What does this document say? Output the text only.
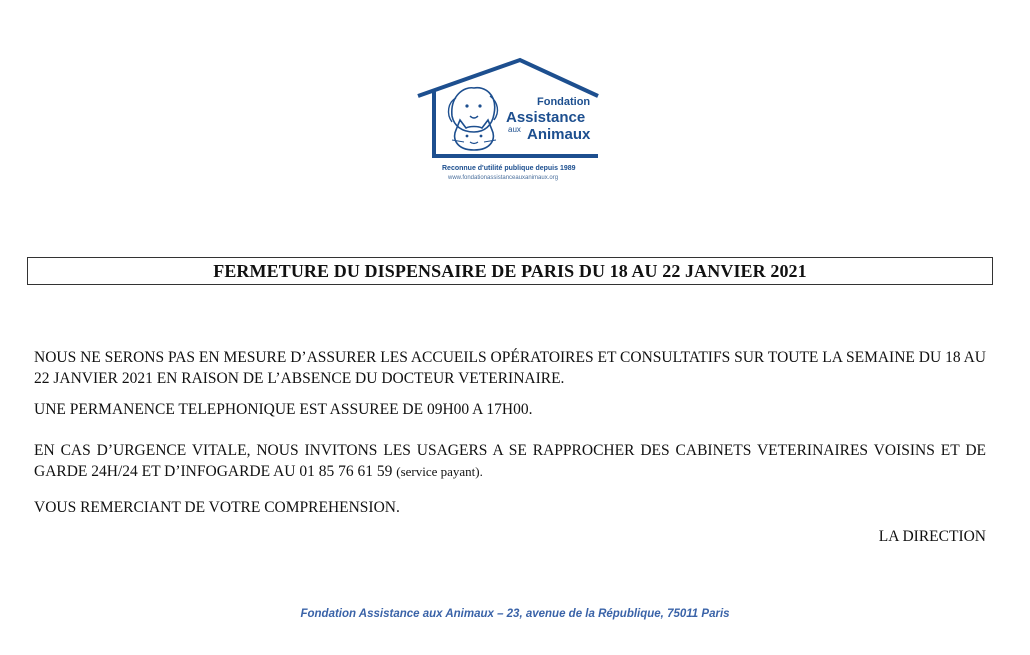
Fondation
Assistance
aux Animaux
Reconnue d'utilité publique depuis 1989
www.fondationassistanceauxanimaux.org
FERMETURE DU DISPENSAIRE DE PARIS DU 18 AU 22 JANVIER 2021
NOUS NE SERONS PAS EN MESURE D’ASSURER LES ACCUEILS OPÉRATOIRES ET CONSULTATIFS SUR TOUTE LA SEMAINE DU 18 AU 22 JANVIER 2021 EN RAISON DE L’ABSENCE DU DOCTEUR VETERINAIRE.
UNE PERMANENCE TELEPHONIQUE EST ASSUREE DE 09H00 A 17H00.
EN CAS D’URGENCE VITALE, NOUS INVITONS LES USAGERS A SE RAPPROCHER DES CABINETS VETERINAIRES VOISINS ET DE GARDE 24H/24 ET D’INFOGARDE AU 01 85 76 61 59 (service payant).
VOUS REMERCIANT DE VOTRE COMPREHENSION.
LA DIRECTION
Fondation Assistance aux Animaux – 23, avenue de la République, 75011 Paris
